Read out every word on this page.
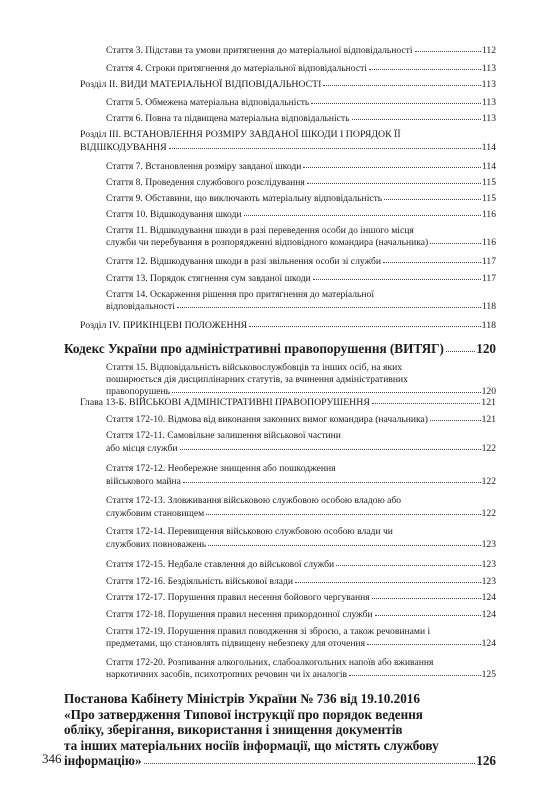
Стаття 3. Підстави та умови притягнення до матеріальної відповідальності	112
Стаття 4. Строки притягнення до матеріальної відповідальності	113
Розділ II. ВИДИ МАТЕРІАЛЬНОЇ ВІДПОВІДАЛЬНОСТІ	113
Стаття 5. Обмежена матеріальна відповідальність	113
Стаття 6. Повна та підвищена матеріальна відповідальність	113
Розділ III. ВСТАНОВЛЕННЯ РОЗМІРУ ЗАВДАНОЇ ШКОДИ І ПОРЯДОК ЇЇ
ВІДШКОДУВАННЯ	114
Стаття 7. Встановлення розміру завданої шкоди	114
Стаття 8. Проведення службового розслідування	115
Стаття 9. Обставини, що виключають матеріальну відповідальність	115
Стаття 10. Відшкодування шкоди	116
Стаття 11. Відшкодування шкоди в разі переведення особи до іншого місця
служби чи перебування в розпорядженні відповідного командира (начальника)	116
Стаття 12. Відшкодування шкоди в разі звільнення особи зі служби	117
Стаття 13. Порядок стягнення сум завданої шкоди	117
Стаття 14. Оскарження рішення про притягнення до матеріальної
відповідальності	118
Розділ IV. ПРИКІНЦЕВІ ПОЛОЖЕННЯ	118
Кодекс України про адміністративні правопорушення (ВИТЯГ) 120
Стаття 15. Відповідальність військовослужбовців та інших осіб, на яких
поширюється дія дисциплінарних статутів, за вчинення адміністративних
правопорушень	120
Глава 13-Б. ВІЙСЬКОВІ АДМІНІСТРАТИВНІ ПРАВОПОРУШЕННЯ	121
Стаття 172-10. Відмова від виконання законних вимог командира (начальника)	121
Стаття 172-11. Самовільне залишення військової частини
або місця служби	122
Стаття 172-12. Необережне знищення або пошкодження
військового майна	122
Стаття 172-13. Зловживання військовою службовою особою владою або
службовим становищем	122
Стаття 172-14. Перевищення військовою службовою особою влади чи
службових повноважень	123
Стаття 172-15. Недбале ставлення до військової служби	123
Стаття 172-16. Бездіяльність військової влади	123
Стаття 172-17. Порушення правил несення бойового чергування	124
Стаття 172-18. Порушення правил несення прикордонної служби	124
Стаття 172-19. Порушення правил поводження зі зброєю, а також речовинами і
предметами, що становлять підвищену небезпеку для оточення	124
Стаття 172-20. Розпивання алкогольних, слабоалкогольних напоїв або вживання
наркотичних засобів, психотропних речовин чи їх аналогів	125
Постанова Кабінету Міністрів України № 736 від 19.10.2016
«Про затвердження Типової інструкції про порядок ведення
обліку, зберігання, використання і знищення документів
та інших матеріальних носіїв інформації, що містять службову
інформацію»	126
346
